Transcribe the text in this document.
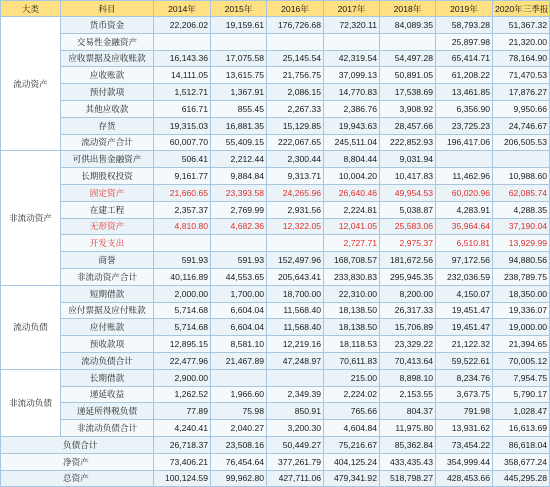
大类	科目	2014年	2015年	2016年	2017年	2018年	2019年	2020年三季报
流动资产	货币资金	22,206.02	19,159.61	176,726.68	72,320.11	84,089.35	58,793.28	51,367.32
	交易性金融资产						25,897.98	21,320.00
	应收票据及应收账款	16,143.36	17,075.58	25,145.54	42,319.54	54,497.28	65,414.71	78,164.90
	应收账款	14,111.05	13,615.75	21,756.75	37,099.13	50,891.05	61,208.22	71,470.53
	预付款项	1,512.71	1,367.91	2,086.15	14,770.83	17,538.69	13,461.85	17,876.27
	其他应收款	616.71	855.45	2,267.33	2,386.76	3,908.92	6,356.90	9,950.66
	存货	19,315.03	16,881.35	15,129.85	19,943.63	28,457.66	23,725.23	24,746.67
	流动资产合计	60,007.70	55,409.15	222,067.65	245,511.04	222,852.93	196,417.06	206,505.53
非流动资产	可供出售金融资产	506.41	2,212.44	2,300.44	8,804.44	9,031.94		
	长期股权投资	9,161.77	9,884.84	9,313.71	10,004.20	10,417.83	11,462.96	10,988.60
	固定资产	21,660.65	23,393.58	24,265.96	26,640.46	49,954.53	60,020.96	62,085.74
	在建工程	2,357.37	2,769.99	2,931.56	2,224.81	5,038.87	4,283.91	4,288.35
	无形资产	4,810.80	4,682.36	12,322.05	12,041.05	25,583.06	35,964.64	37,190.04
	开发支出				2,727.71	2,975.37	6,510.81	13,929.99
	商誉	591.93	591.93	152,497.96	168,708.57	181,672.56	97,172.56	94,880.56
	非流动资产合计	40,116.89	44,553.65	205,643.41	233,830.83	295,945.35	232,036.59	238,789.75
流动负债	短期借款	2,000.00	1,700.00	18,700.00	22,310.00	8,200.00	4,150.07	18,350.00
	应付票据及应付账款	5,714.68	6,604.04	11,568.40	18,138.50	26,317.33	19,451.47	19,336.07
	应付账款	5,714.68	6,604.04	11,568.40	18,138.50	15,706.89	19,451.47	19,000.00
	预收款项	12,895.15	8,581.10	12,219.16	18,118.53	23,329.22	21,122.32	21,394.65
	流动负债合计	22,477.96	21,467.89	47,248.97	70,611.83	70,413.64	59,522.61	70,005.12
非流动负债	长期借款	2,900.00			215.00	8,898.10	8,234.76	7,954.75
	递延收益	1,262.52	1,966.60	2,349.39	2,224.02	2,153.55	3,673.75	5,790.17
	递延所得税负债	77.89	75.98	850.91	765.66	804.37	791.98	1,028.47
	非流动负债合计	4,240.41	2,040.27	3,200.30	4,604.84	11,975.80	13,931.62	16,613.69
负债合计		26,718.37	23,508.16	50,449.27	75,216.67	85,362.84	73,454.22	86,618.04
净资产		73,406.21	76,454.64	377,261.79	404,125.24	433,435.43	354,999.44	358,677.24
总资产		100,124.59	99,962.80	427,711.06	479,341.92	518,798.27	428,453.66	445,295.28
